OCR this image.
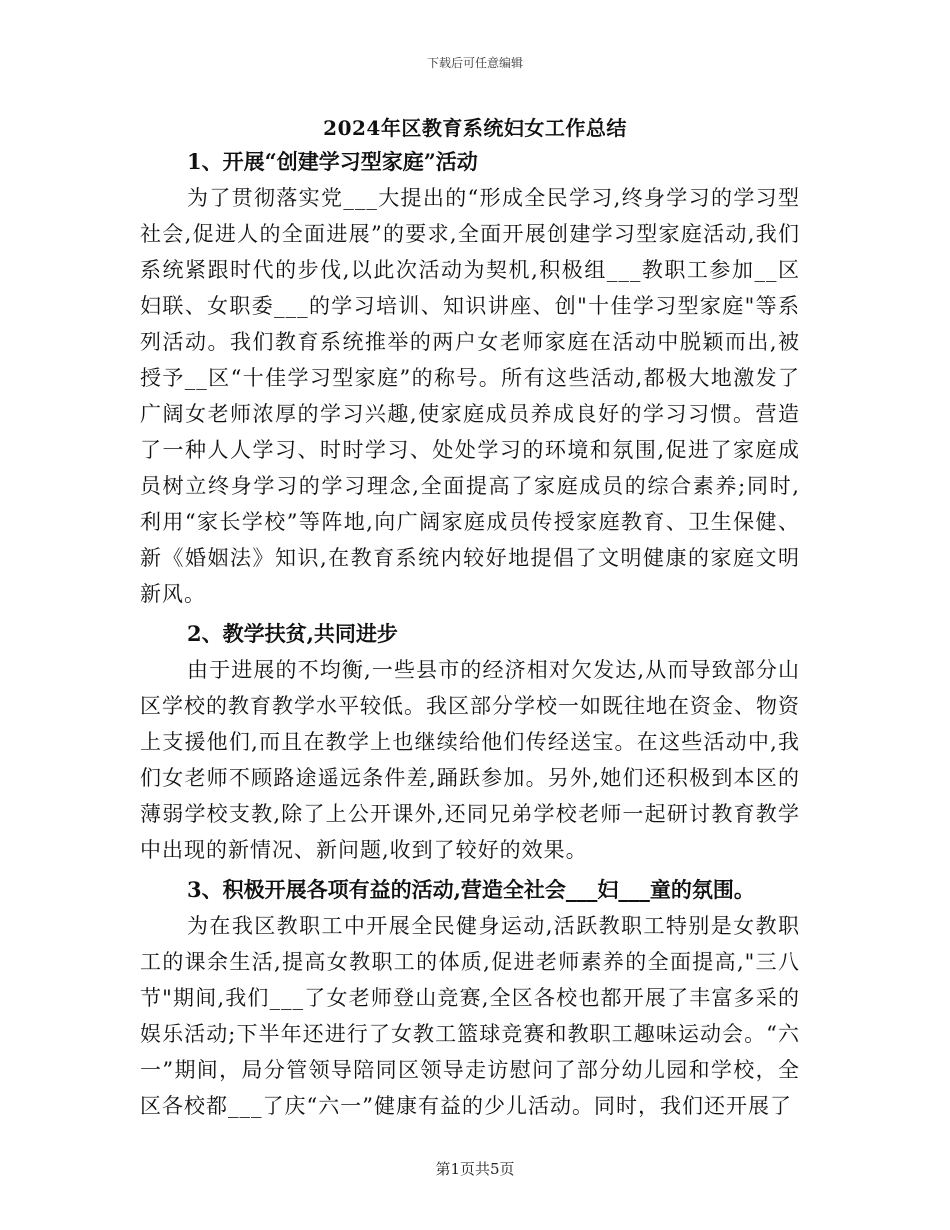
下载后可任意编辑
2024年区教育系统妇女工作总结
1、开展“创建学习型家庭”活动

为了贯彻落实党___大提出的“形成全民学习,终身学习的学习型社会,促进人的全面进展”的要求,全面开展创建学习型家庭活动,我们系统紧跟时代的步伐,以此次活动为契机,积极组___教职工参加__区妇联、女职委___的学习培训、知识讲座、创"十佳学习型家庭"等系列活动。我们教育系统推举的两户女老师家庭在活动中脱颖而出,被授予__区“十佳学习型家庭”的称号。所有这些活动,都极大地激发了广阔女老师浓厚的学习兴趣,使家庭成员养成良好的学习习惯。营造了一种人人学习、时时学习、处处学习的环境和氛围,促进了家庭成员树立终身学习的学习理念,全面提高了家庭成员的综合素养;同时,利用“家长学校”等阵地,向广阔家庭成员传授家庭教育、卫生保健、新《婚姻法》知识,在教育系统内较好地提倡了文明健康的家庭文明新风。

2、教学扶贫,共同进步

由于进展的不均衡,一些县市的经济相对欠发达,从而导致部分山区学校的教育教学水平较低。我区部分学校一如既往地在资金、物资上支援他们,而且在教学上也继续给他们传经送宝。在这些活动中,我们女老师不顾路途遥远条件差,踊跃参加。另外,她们还积极到本区的薄弱学校支教,除了上公开课外,还同兄弟学校老师一起研讨教育教学中出现的新情况、新问题,收到了较好的效果。

3、积极开展各项有益的活动,营造全社会___妇___童的氛围。

为在我区教职工中开展全民健身运动,活跃教职工特别是女教职工的课余生活,提高女教职工的体质,促进老师素养的全面提高,"三八节"期间,我们___了女老师登山竞赛,全区各校也都开展了丰富多采的娱乐活动;下半年还进行了女教工篮球竞赛和教职工趣味运动会。“六一”期间，局分管领导陪同区领导走访慰问了部分幼儿园和学校，全区各校都___了庆“六一”健康有益的少儿活动。同时，我们还开展了

第1页共5页
